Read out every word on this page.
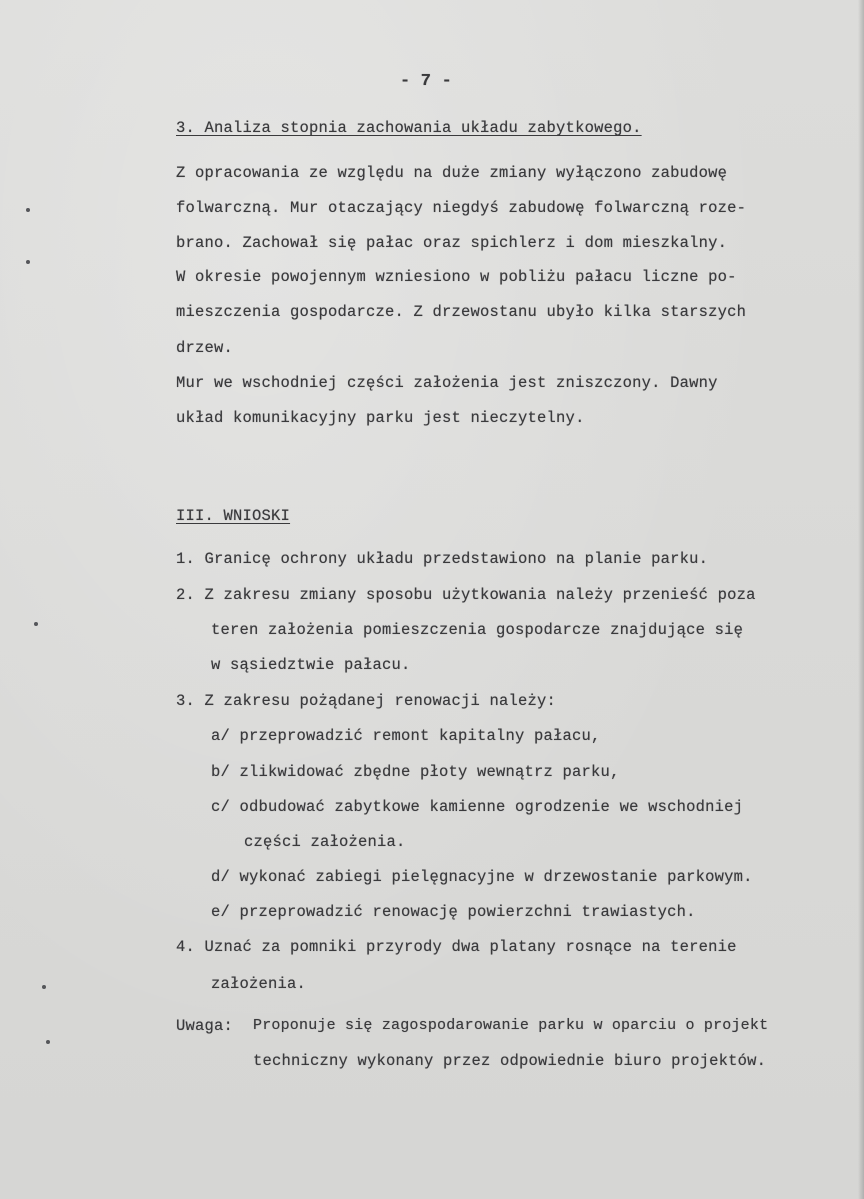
- 7 -
3. Analiza stopnia zachowania układu zabytkowego.
Z opracowania ze względu na duże zmiany wyłączono zabudowę
folwarczną. Mur otaczający niegdyś zabudowę folwarczną roze-
brano. Zachował się pałac oraz spichlerz i dom mieszkalny.
W okresie powojennym wzniesiono w pobliżu pałacu liczne po-
mieszczenia gospodarcze. Z drzewostanu ubyło kilka starszych
drzew.
Mur we wschodniej części założenia jest zniszczony. Dawny
układ komunikacyjny parku jest nieczytelny.
III. WNIOSKI
1. Granicę ochrony układu przedstawiono na planie parku.
2. Z zakresu zmiany sposobu użytkowania należy przenieść poza
teren założenia pomieszczenia gospodarcze znajdujące się
w sąsiedztwie pałacu.
3. Z zakresu pożądanej renowacji należy:
a/ przeprowadzić remont kapitalny pałacu,
b/ zlikwidować zbędne płoty wewnątrz parku,
c/ odbudować zabytkowe kamienne ogrodzenie we wschodniej
części założenia.
d/ wykonać zabiegi pielęgnacyjne w drzewostanie parkowym.
e/ przeprowadzić renowację powierzchni trawiastych.
4. Uznać za pomniki przyrody dwa platany rosnące na terenie
założenia.
Uwaga: Proponuje się zagospodarowanie parku w oparciu o projekt
techniczny wykonany przez odpowiednie biuro projektów.
